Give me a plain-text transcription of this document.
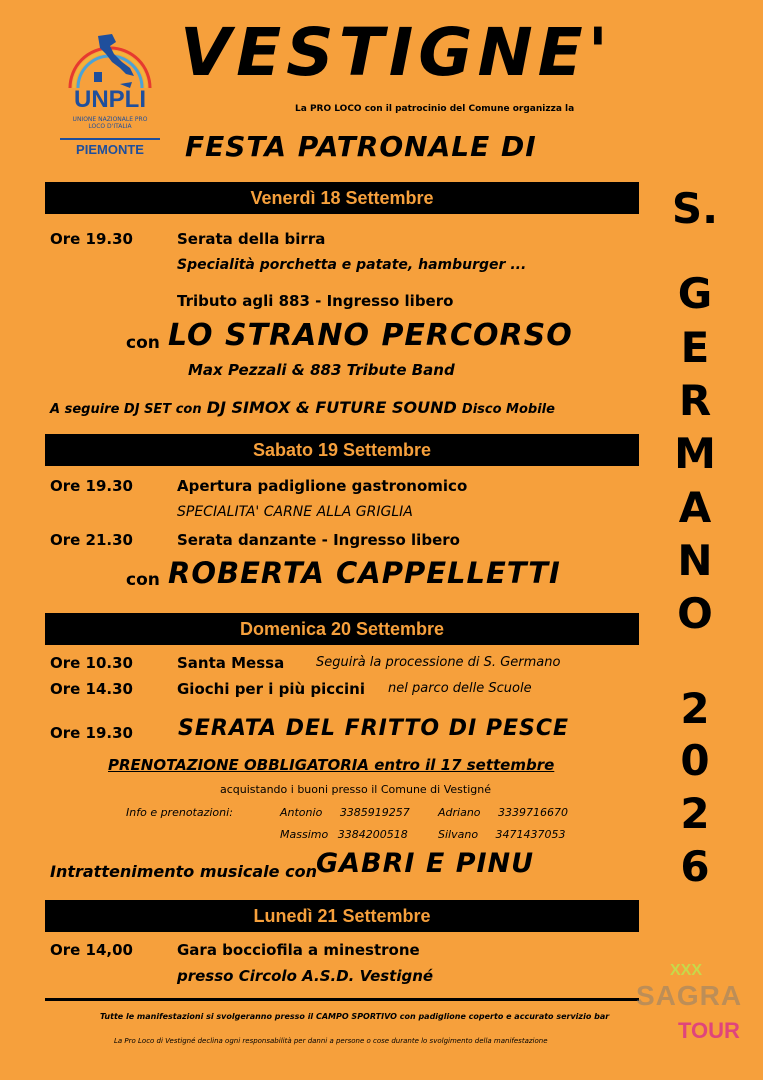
UNPLI
UNIONE NAZIONALE PRO LOCO D'ITALIA
PIEMONTE
VESTIGNE'
La PRO LOCO con il patrocinio del Comune organizza la
FESTA PATRONALE DI
S.
G
E
R
M
A
N
O
2
0
2
6
Venerdì 18 Settembre
Ore 19.30	Serata della birra
Specialità porchetta e patate, hamburger ...
Tributo agli 883 - Ingresso libero
con LO STRANO PERCORSO
Max Pezzali & 883 Tribute Band
A seguire DJ SET con DJ SIMOX & FUTURE SOUND Disco Mobile
Sabato 19 Settembre
Ore 19.30	Apertura padiglione gastronomico
SPECIALITA' CARNE ALLA GRIGLIA
Ore 21.30	Serata danzante - Ingresso libero
con ROBERTA CAPPELLETTI
Domenica 20 Settembre
Ore 10.30	Santa Messa Seguirà la processione di S. Germano
Ore 14.30	Giochi per i più piccini nel parco delle Scuole
Ore 19.30 SERATA DEL FRITTO DI PESCE
PRENOTAZIONE OBBLIGATORIA entro il 17 settembre
acquistando i buoni presso il Comune di Vestigné
Info e prenotazioni:	Antonio 3385919257	Adriano 3339716670
Massimo 3384200518	Silvano 3471437053
Intrattenimento musicale con GABRI E PINU
Lunedì 21 Settembre
Ore 14,00	Gara bocciofila a minestrone
presso Circolo A.S.D. Vestigné
Tutte le manifestazioni si svolgeranno presso il CAMPO SPORTIVO con padiglione coperto e accurato servizio bar
La Pro Loco di Vestigné declina ogni responsabilità per danni a persone o cose durante lo svolgimento della manifestazione
XXX
SAGRA
TOUR
